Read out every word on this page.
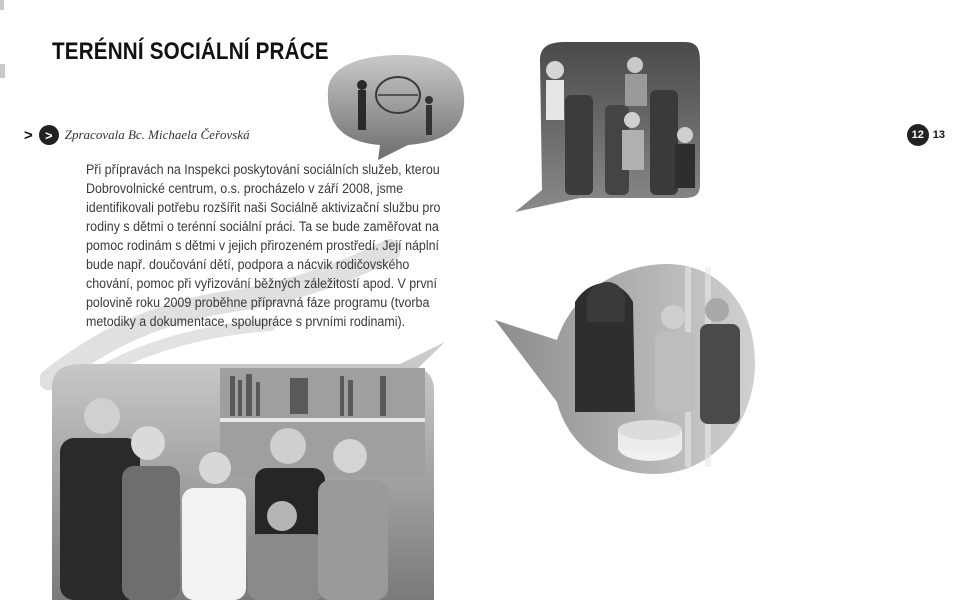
TERÉNNÍ SOCIÁLNÍ PRÁCE
> > Zpracovala Bc. Michaela Čeřovská	12 13

Při přípravách na Inspekci poskytování sociálních služeb, kterou Dobrovolnické centrum, o.s. procházelo v září 2008, jsme identifikovali potřebu rozšířit naši Sociálně aktivizační službu pro rodiny s dětmi o terénní sociální práci. Ta se bude zaměřovat na pomoc rodinám s dětmi v jejich přirozeném prostředí. Její náplní bude např. doučování dětí, podpora a nácvik rodičovského chování, pomoc při vyřizování běžných záležitostí apod. V první polovině roku 2009 proběhne přípravná fáze programu (tvorba metodiky a dokumentace, spolupráce s prvními rodinami).
